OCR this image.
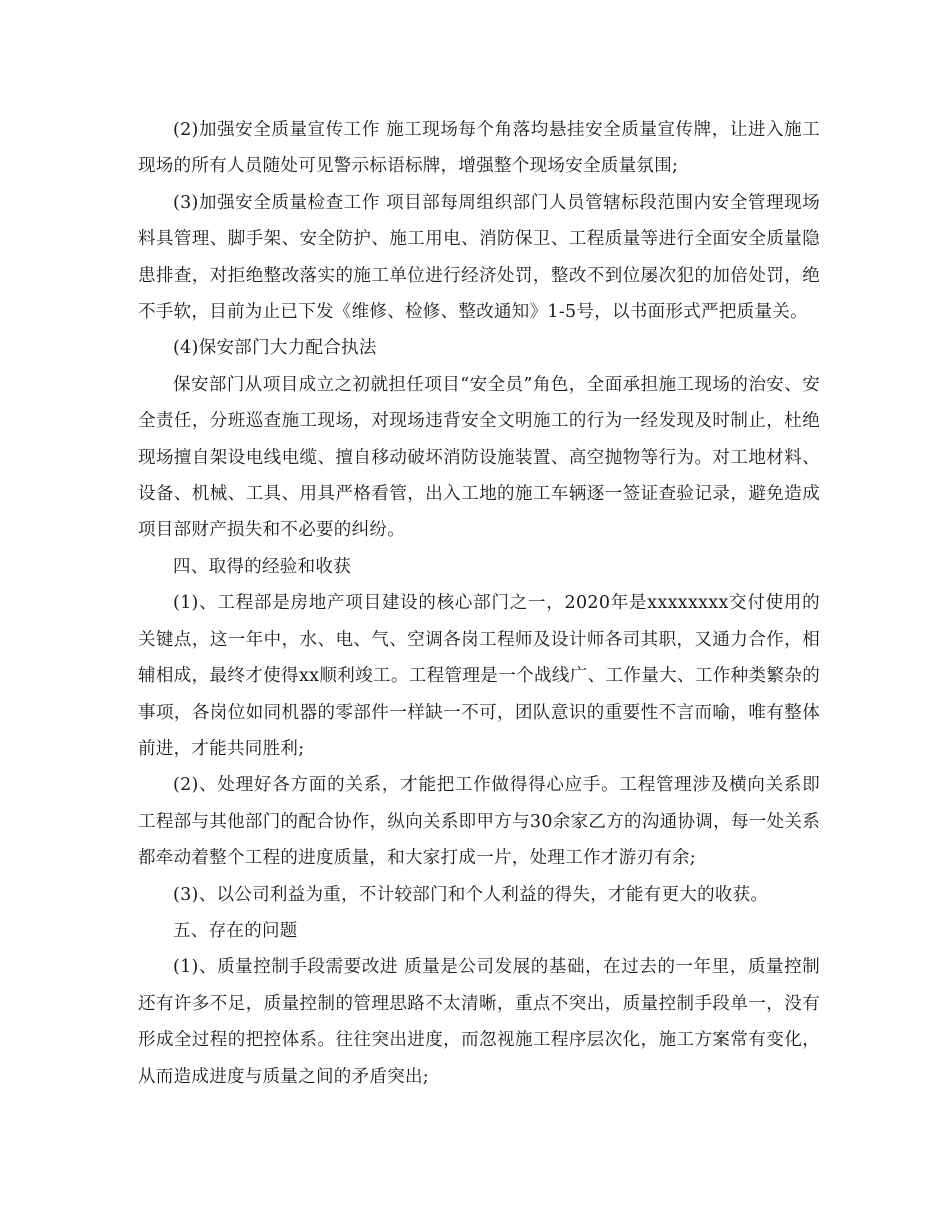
(2)加强安全质量宣传工作 施工现场每个角落均悬挂安全质量宣传牌，让进入施工现场的所有人员随处可见警示标语标牌，增强整个现场安全质量氛围;

(3)加强安全质量检查工作 项目部每周组织部门人员管辖标段范围内安全管理现场料具管理、脚手架、安全防护、施工用电、消防保卫、工程质量等进行全面安全质量隐患排查，对拒绝整改落实的施工单位进行经济处罚，整改不到位屡次犯的加倍处罚，绝不手软，目前为止已下发《维修、检修、整改通知》1-5号，以书面形式严把质量关。

(4)保安部门大力配合执法

保安部门从项目成立之初就担任项目“安全员”角色，全面承担施工现场的治安、安全责任，分班巡查施工现场，对现场违背安全文明施工的行为一经发现及时制止，杜绝现场擅自架设电线电缆、擅自移动破坏消防设施装置、高空抛物等行为。对工地材料、设备、机械、工具、用具严格看管，出入工地的施工车辆逐一签证查验记录，避免造成项目部财产损失和不必要的纠纷。

四、取得的经验和收获

(1)、工程部是房地产项目建设的核心部门之一，2020年是xxxxxxxx交付使用的关键点，这一年中，水、电、气、空调各岗工程师及设计师各司其职，又通力合作，相辅相成，最终才使得xx顺利竣工。工程管理是一个战线广、工作量大、工作种类繁杂的事项，各岗位如同机器的零部件一样缺一不可，团队意识的重要性不言而喻，唯有整体前进，才能共同胜利;

(2)、处理好各方面的关系，才能把工作做得得心应手。工程管理涉及横向关系即工程部与其他部门的配合协作，纵向关系即甲方与30余家乙方的沟通协调，每一处关系都牵动着整个工程的进度质量，和大家打成一片，处理工作才游刃有余;

(3)、以公司利益为重，不计较部门和个人利益的得失，才能有更大的收获。

五、存在的问题

(1)、质量控制手段需要改进 质量是公司发展的基础，在过去的一年里，质量控制还有许多不足，质量控制的管理思路不太清晰，重点不突出，质量控制手段单一，没有形成全过程的把控体系。往往突出进度，而忽视施工程序层次化，施工方案常有变化，从而造成进度与质量之间的矛盾突出;
